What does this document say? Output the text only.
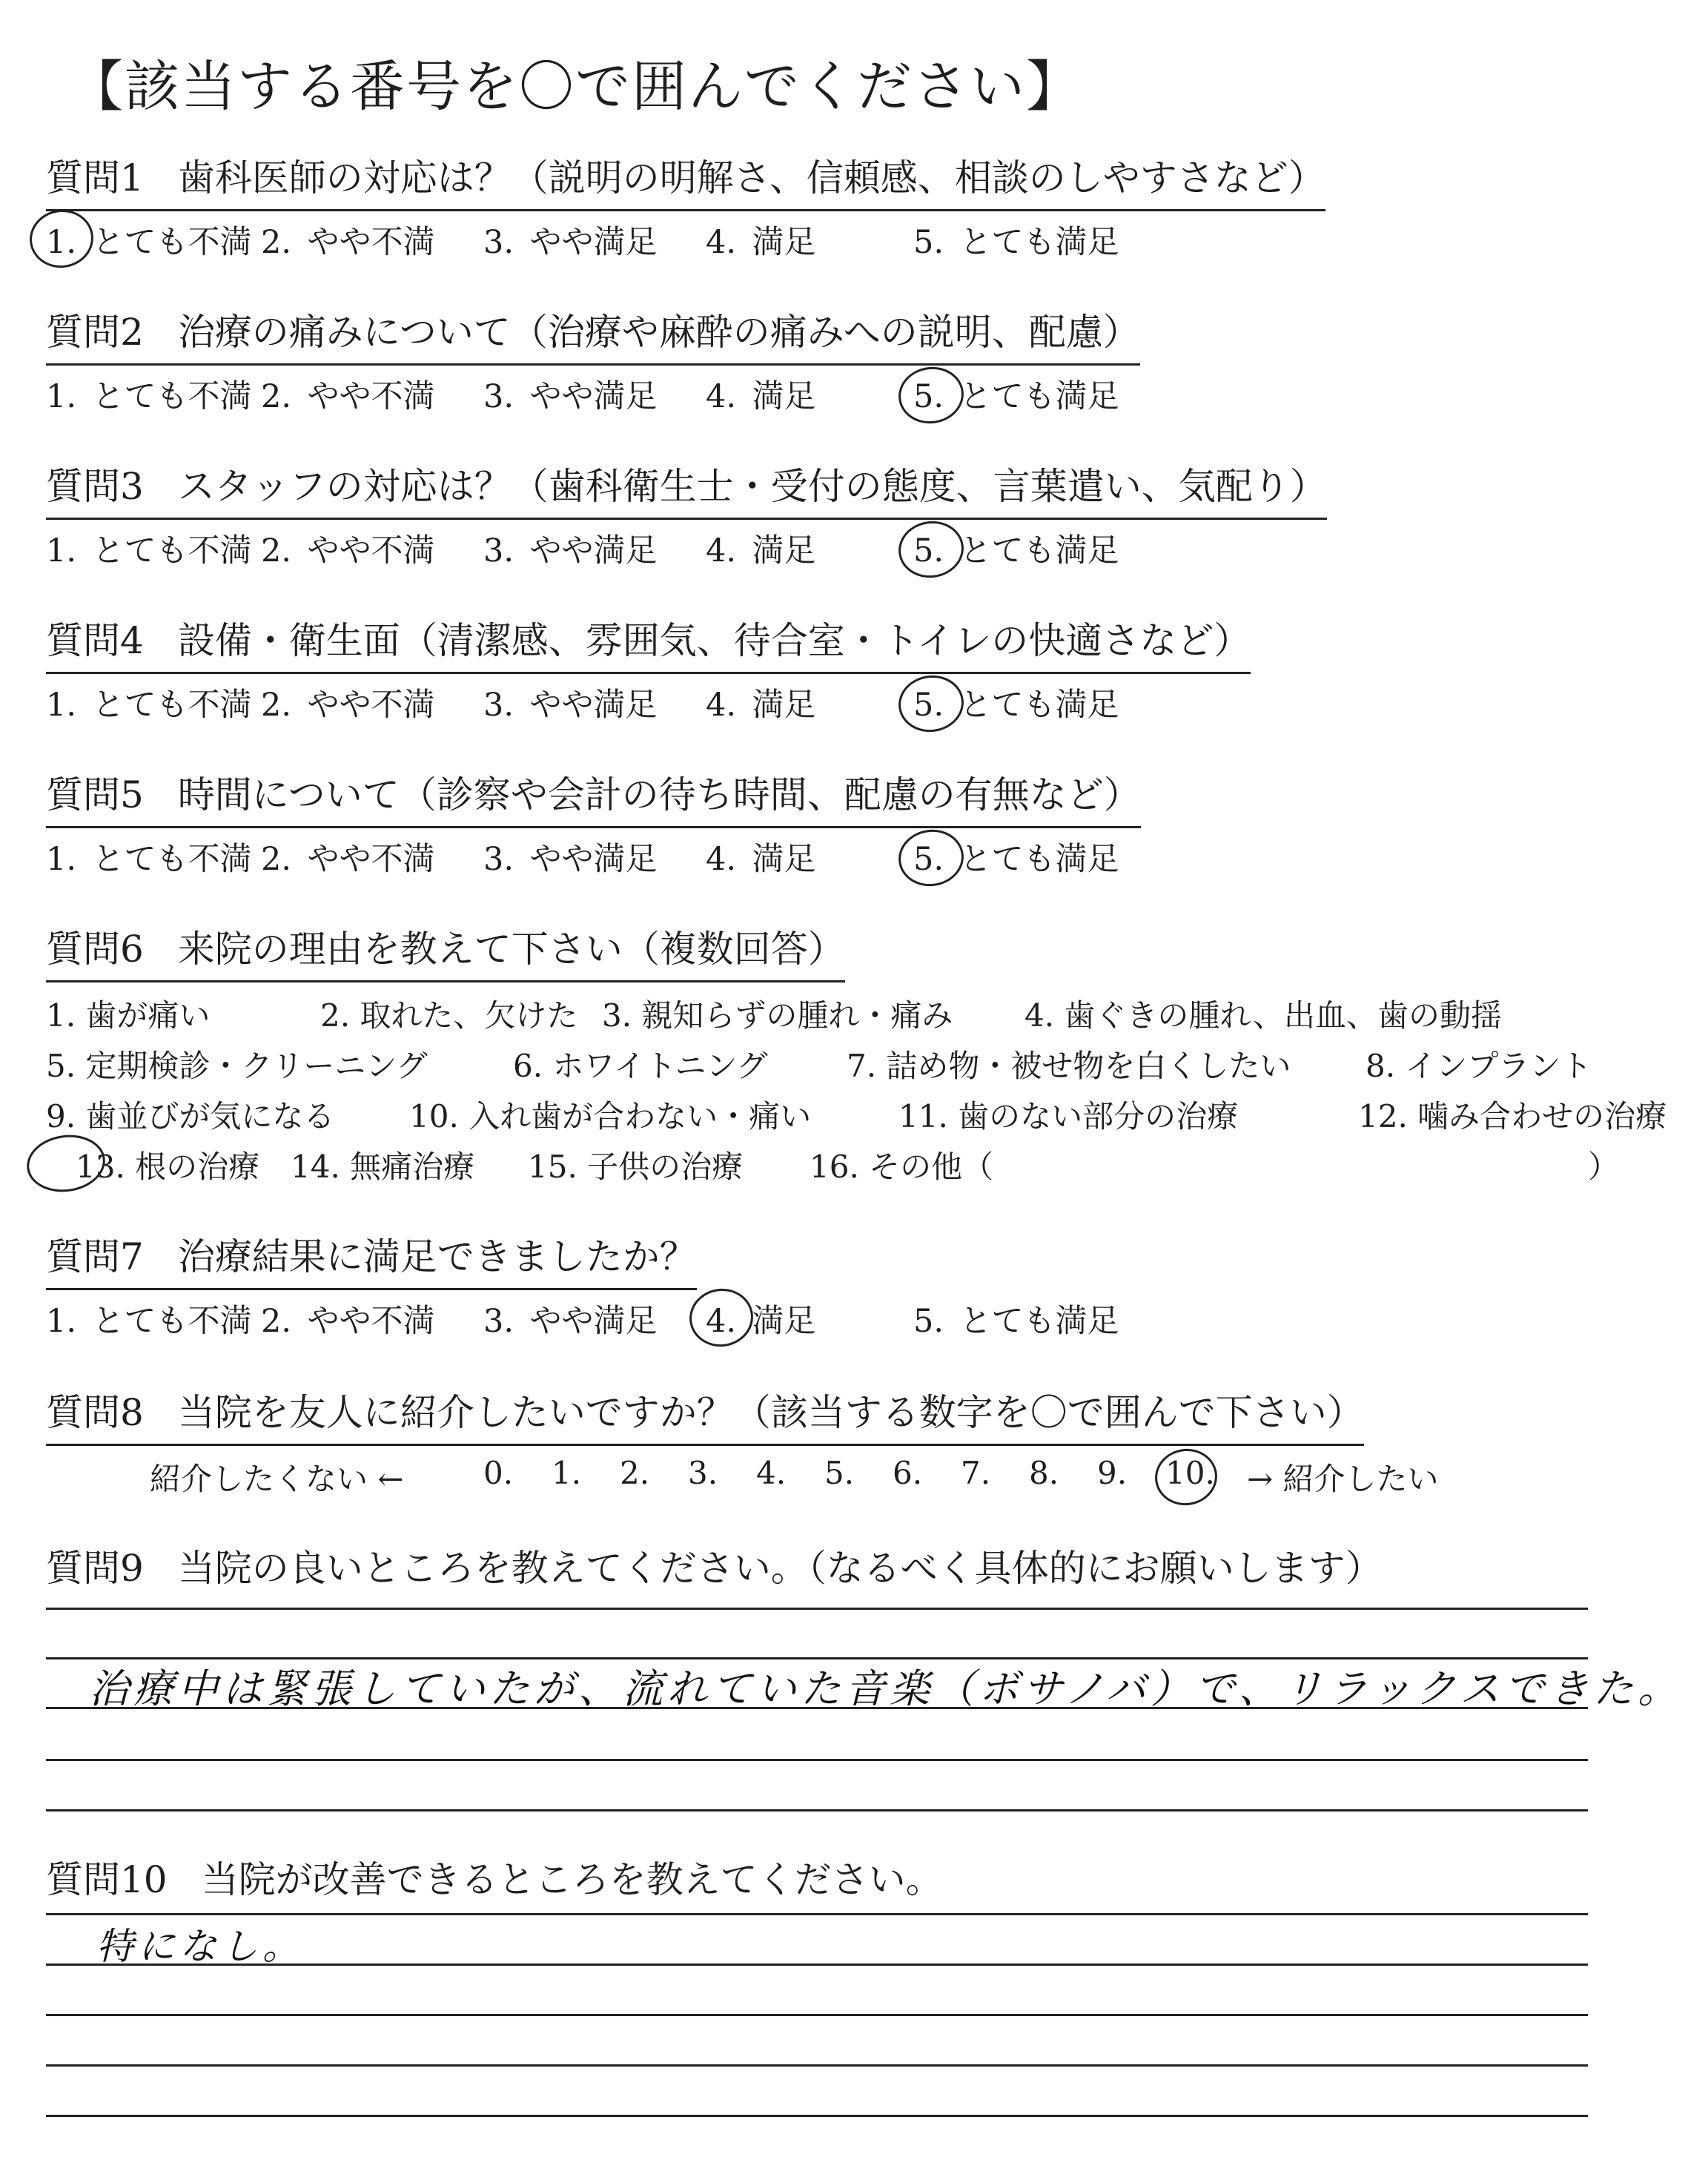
【該当する番号を〇で囲んでください】
質問1 歯科医師の対応は？（説明の明解さ、信頼感、相談のしやすさなど）
1.  とても不満 2.  やや不満 3.  やや満足 4.  満足	5.  とても満足
質問2 治療の痛みについて（治療や麻酔の痛みへの説明、配慮）
1.  とても不満 2.  やや不満 3.  やや満足 4.  満足	5.  とても満足
質問3 スタッフの対応は？（歯科衛生士・受付の態度、言葉遣い、気配り）
1.  とても不満 2.  やや不満 3.  やや満足 4.  満足	5.  とても満足
質問4 設備・衛生面（清潔感、雰囲気、待合室・トイレの快適さなど）
1.  とても不満 2.  やや不満 3.  やや満足 4.  満足	5.  とても満足
質問5 時間について（診察や会計の待ち時間、配慮の有無など）
1.  とても不満 2.  やや不満 3.  やや満足 4.  満足	5.  とても満足
質問6 来院の理由を教えて下さい（複数回答）
1. 歯が痛い	2. 取れた、欠けた 3. 親知らずの腫れ・痛み 4. 歯ぐきの腫れ、出血、歯の動揺
5. 定期検診・クリーニング	6. ホワイトニング	7. 詰め物・被せ物を白くしたい 8. インプラント
9. 歯並びが気になる 10. 入れ歯が合わない・痛い	11. 歯のない部分の治療	12. 噛み合わせの治療
13. 根の治療 14. 無痛治療 15. 子供の治療 16. その他（	）
質問7 治療結果に満足できましたか？
1.  とても不満 2.  やや不満 3.  やや満足 4.  満足	5.  とても満足
質問8 当院を友人に紹介したいですか？（該当する数字を〇で囲んで下さい）
紹介したくない ←	0. 1. 2. 3. 4. 5. 6. 7. 8. 9. 10. → 紹介したい
質問9 当院の良いところを教えてください。（なるべく具体的にお願いします）
治療中は緊張していたが、流れていた音楽（ボサノバ）で、リラックスできた。
質問10 当院が改善できるところを教えてください。
特になし。
